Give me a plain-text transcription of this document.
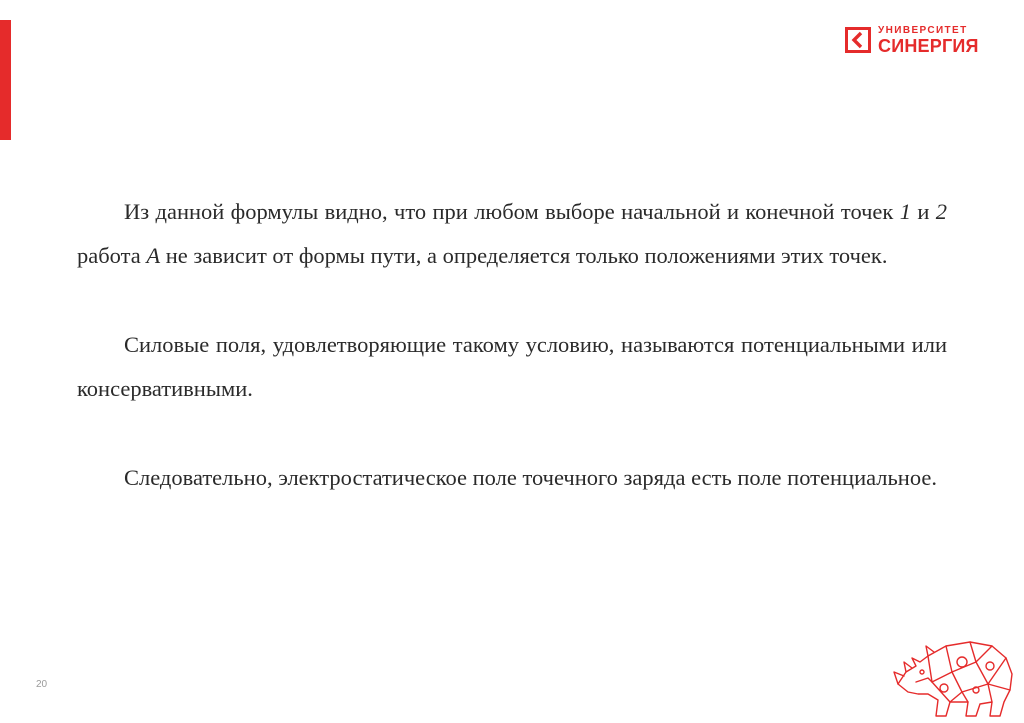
УНИВЕРСИТЕТ
СИНЕРГИЯ

Из данной формулы видно, что при любом выборе начальной и конечной точек 1 и 2 работа A не зависит от формы пути, а определяется только положениями этих точек.

Силовые поля, удовлетворяющие такому условию, называются потенциальными или консервативными.

Следовательно, электростатическое поле точечного заряда есть поле потенциальное.

20
